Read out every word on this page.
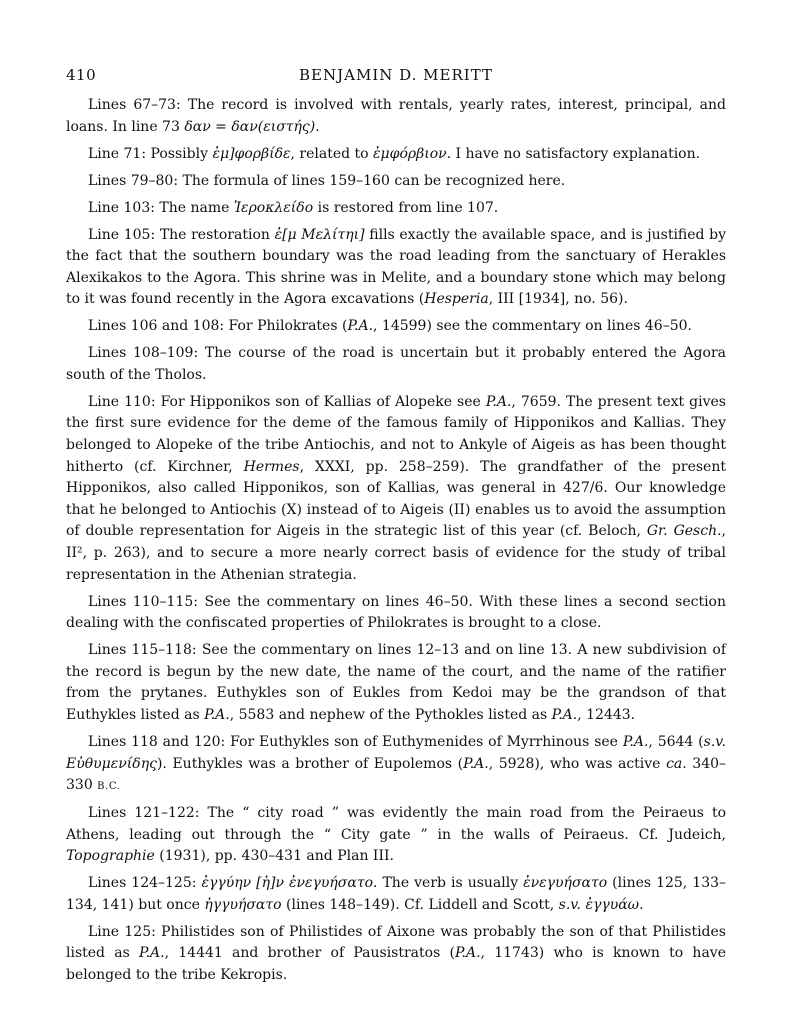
410	BENJAMIN D. MERITT

Lines 67–73: The record is involved with rentals, yearly rates, interest, principal, and loans. In line 73 δαν = δαν(ειστής).

Line 71: Possibly ἐμ]φορβίδε, related to ἐμφόρβιον. I have no satisfactory explanation.

Lines 79–80: The formula of lines 159–160 can be recognized here.

Line 103: The name Ἱεροκλείδο is restored from line 107.

Line 105: The restoration ἐ[μ Μελίτηι] fills exactly the available space, and is justified by the fact that the southern boundary was the road leading from the sanctuary of Herakles Alexikakos to the Agora. This shrine was in Melite, and a boundary stone which may belong to it was found recently in the Agora excavations (Hesperia, III [1934], no. 56).

Lines 106 and 108: For Philokrates (P.A., 14599) see the commentary on lines 46–50.

Lines 108–109: The course of the road is uncertain but it probably entered the Agora south of the Tholos.

Line 110: For Hipponikos son of Kallias of Alopeke see P.A., 7659. The present text gives the first sure evidence for the deme of the famous family of Hipponikos and Kallias. They belonged to Alopeke of the tribe Antiochis, and not to Ankyle of Aigeis as has been thought hitherto (cf. Kirchner, Hermes, XXXI, pp. 258–259). The grandfather of the present Hipponikos, also called Hipponikos, son of Kallias, was general in 427/6. Our knowledge that he belonged to Antiochis (X) instead of to Aigeis (II) enables us to avoid the assumption of double representation for Aigeis in the strategic list of this year (cf. Beloch, Gr. Gesch., II², p. 263), and to secure a more nearly correct basis of evidence for the study of tribal representation in the Athenian strategia.

Lines 110–115: See the commentary on lines 46–50. With these lines a second section dealing with the confiscated properties of Philokrates is brought to a close.

Lines 115–118: See the commentary on lines 12–13 and on line 13. A new subdivision of the record is begun by the new date, the name of the court, and the name of the ratifier from the prytanes. Euthykles son of Eukles from Kedoi may be the grandson of that Euthykles listed as P.A., 5583 and nephew of the Pythokles listed as P.A., 12443.

Lines 118 and 120: For Euthykles son of Euthymenides of Myrrhinous see P.A., 5644 (s.v. Εὐθυμενίδης). Euthykles was a brother of Eupolemos (P.A., 5928), who was active ca. 340–330 B.C.

Lines 121–122: The “ city road ” was evidently the main road from the Peiraeus to Athens, leading out through the “ City gate ” in the walls of Peiraeus. Cf. Judeich, Topographie (1931), pp. 430–431 and Plan III.

Lines 124–125: ἐγγύην [ἡ]ν ἐνεγυήσατο. The verb is usually ἐνεγυήσατο (lines 125, 133–134, 141) but once ἠγγυήσατο (lines 148–149). Cf. Liddell and Scott, s.v. ἐγγυάω.

Line 125: Philistides son of Philistides of Aixone was probably the son of that Philistides listed as P.A., 14441 and brother of Pausistratos (P.A., 11743) who is known to have belonged to the tribe Kekropis.
